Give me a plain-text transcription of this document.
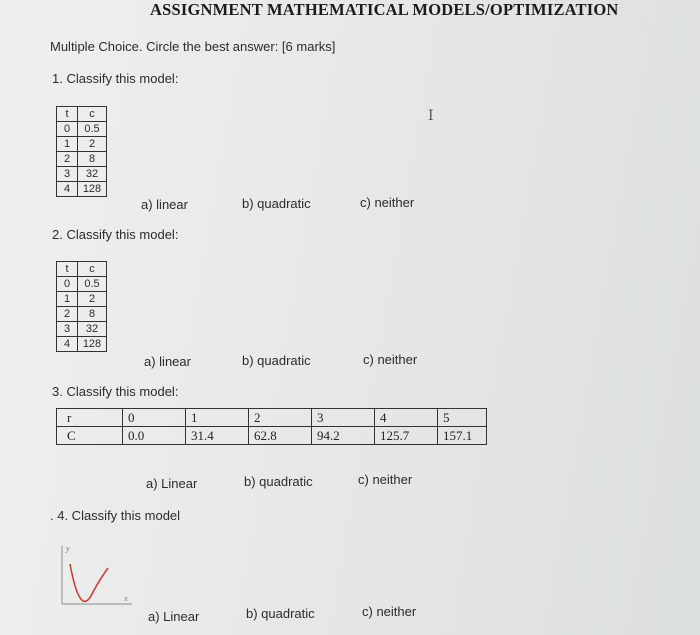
ASSIGNMENT MATHEMATICAL MODELS/OPTIMIZATION
Multiple Choice. Circle the best answer: [6 marks]
1. Classify this model:
t	c
0	0.5
1	2
2	8
3	32
4	128
a) linear	b) quadratic	c) neither
I
2. Classify this model:
t	c
0	0.5
1	2
2	8
3	32
4	128
a) linear	b) quadratic	c) neither
3. Classify this model:
r	0	1	2	3	4	5
C	0.0	31.4	62.8	94.2	125.7	157.1
a) Linear	b) quadratic	c) neither
. 4. Classify this model
y
x
a) Linear	b) quadratic	c) neither
